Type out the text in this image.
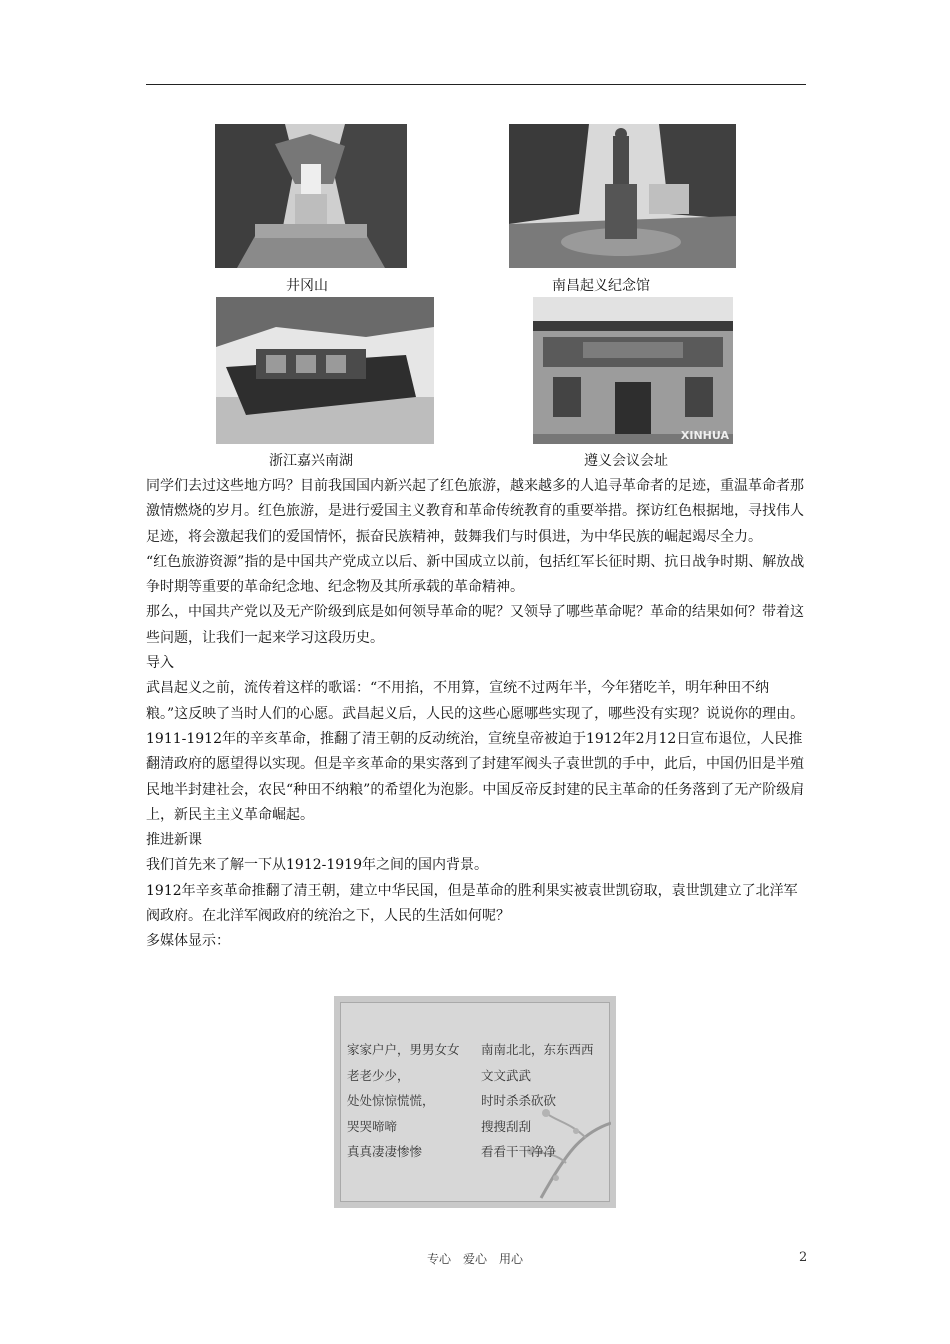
井冈山	南昌起义纪念馆
浙江嘉兴南湖
XINHUA
遵义会议会址

同学们去过这些地方吗？目前我国国内新兴起了红色旅游，越来越多的人追寻革命者的足迹，重温革命者那激情燃烧的岁月。红色旅游，是进行爱国主义教育和革命传统教育的重要举措。探访红色根据地，寻找伟人足迹，将会激起我们的爱国情怀，振奋民族精神，鼓舞我们与时俱进，为中华民族的崛起竭尽全力。

“红色旅游资源”指的是中国共产党成立以后、新中国成立以前，包括红军长征时期、抗日战争时期、解放战争时期等重要的革命纪念地、纪念物及其所承载的革命精神。

那么，中国共产党以及无产阶级到底是如何领导革命的呢？又领导了哪些革命呢？革命的结果如何？带着这些问题，让我们一起来学习这段历史。

导入

武昌起义之前，流传着这样的歌谣：“不用掐，不用算，宣统不过两年半，今年猪吃羊，明年种田不纳粮。”这反映了当时人们的心愿。武昌起义后，人民的这些心愿哪些实现了，哪些没有实现？说说你的理由。

1911-1912年的辛亥革命，推翻了清王朝的反动统治，宣统皇帝被迫于1912年2月12日宣布退位，人民推翻清政府的愿望得以实现。但是辛亥革命的果实落到了封建军阀头子袁世凯的手中，此后，中国仍旧是半殖民地半封建社会，农民“种田不纳粮”的希望化为泡影。中国反帝反封建的民主革命的任务落到了无产阶级肩上，新民主主义革命崛起。

推进新课

我们首先来了解一下从1912-1919年之间的国内背景。

1912年辛亥革命推翻了清王朝，建立中华民国，但是革命的胜利果实被袁世凯窃取，袁世凯建立了北洋军阀政府。在北洋军阀政府的统治之下，人民的生活如何呢？

多媒体显示：

家家户户，男男女女
老老少少，
处处惊惊慌慌，
哭哭啼啼
真真凄凄惨惨
南南北北，东东西西
文文武武
时时杀杀砍砍
搜搜刮刮
看看干干净净
专心　爱心　用心	2
